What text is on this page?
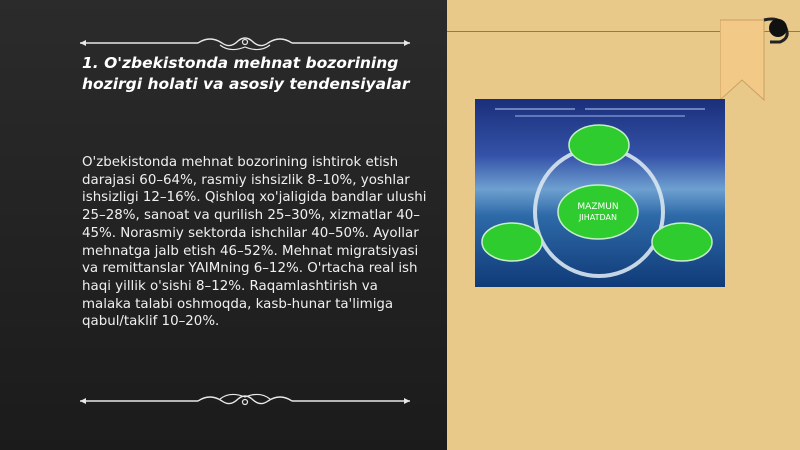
1. O'zbekistonda mehnat bozorining hozirgi holati va asosiy tendensiyalar

O'zbekistonda mehnat bozorining ishtirok etish darajasi 60–64%, rasmiy ishsizlik 8–10%, yoshlar ishsizligi 12–16%. Qishloq xo'jaligida bandlar ulushi 25–28%, sanoat va qurilish 25–30%, xizmatlar 40–45%. Norasmiy sektorda ishchilar 40–50%. Ayollar mehnatga jalb etish 46–52%. Mehnat migratsiyasi va remittanslar YAIMning 6–12%. O'rtacha real ish haqi yillik o'sishi 8–12%. Raqamlashtirish va malaka talabi oshmoqda, kasb-hunar ta'limiga qabul/taklif 10–20%.

MAZMUN
JIHATDAN
